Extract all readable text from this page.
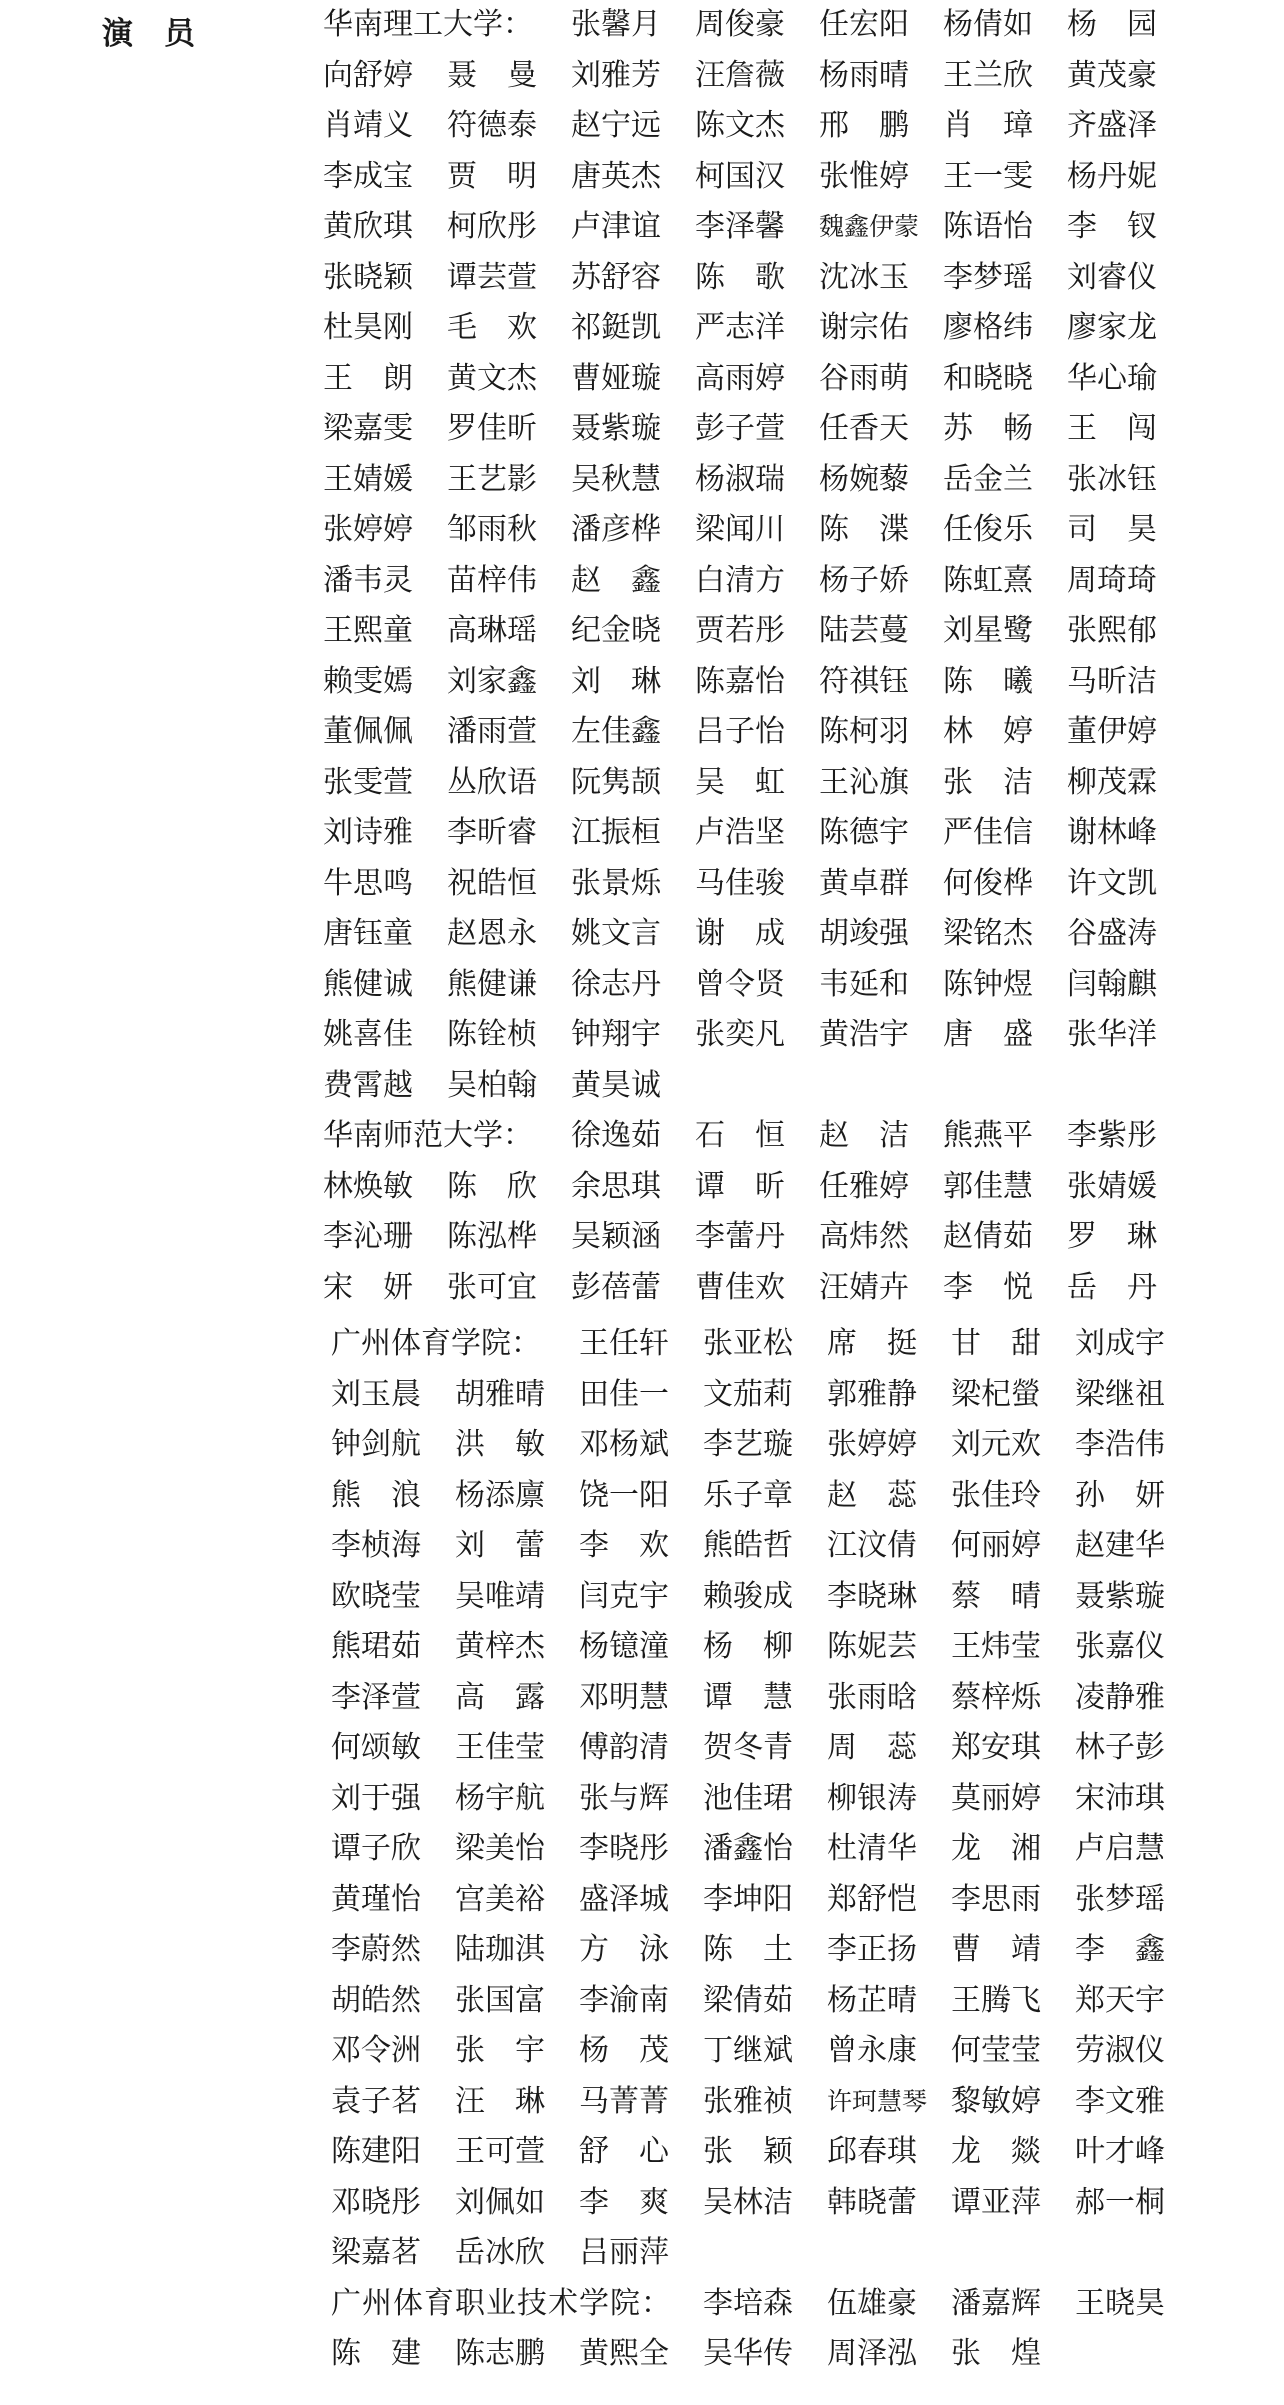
演　员	华南理工大学： 张馨月 周俊豪 任宏阳 杨倩如 杨　园
向舒婷 聂　曼 刘雅芳 汪詹薇 杨雨晴 王兰欣 黄茂豪
肖靖义 符德泰 赵宁远 陈文杰 邢　鹏 肖　璋 齐盛泽
李成宝 贾　明 唐英杰 柯国汉 张惟婷 王一雯 杨丹妮
黄欣琪 柯欣彤 卢津谊 李泽馨 魏鑫伊蒙 陈语怡 李　钗
张晓颖 谭芸萱 苏舒容 陈　歌 沈冰玉 李梦瑶 刘睿仪
杜昊刚 毛　欢 祁鋌凯 严志洋 谢宗佑 廖格纬 廖家龙
王　朗 黄文杰 曹娅璇 高雨婷 谷雨萌 和晓晓 华心瑜
梁嘉雯 罗佳昕 聂紫璇 彭子萱 任香天 苏　畅 王　闯
王婧媛 王艺影 吴秋慧 杨淑瑞 杨婉藜 岳金兰 张冰钰
张婷婷 邹雨秋 潘彦桦 梁闻川 陈　渫 任俊乐 司　昊
潘韦灵 苗梓伟 赵　鑫 白清方 杨子娇 陈虹熹 周琦琦
王熙童 高琳瑶 纪金晓 贾若彤 陆芸蔓 刘星鹭 张熙郁
赖雯嫣 刘家鑫 刘　琳 陈嘉怡 符祺钰 陈　曦 马昕洁
董佩佩 潘雨萱 左佳鑫 吕子怡 陈柯羽 林　婷 董伊婷
张雯萱 丛欣语 阮隽颉 吴　虹 王沁旗 张　洁 柳茂霖
刘诗雅 李昕睿 江振桓 卢浩坚 陈德宇 严佳信 谢林峰
牛思鸣 祝皓恒 张景烁 马佳骏 黄卓群 何俊桦 许文凯
唐钰童 赵恩永 姚文言 谢　成 胡竣强 梁铭杰 谷盛涛
熊健诚 熊健谦 徐志丹 曾令贤 韦延和 陈钟煜 闫翰麒
姚喜佳 陈铨桢 钟翔宇 张奕凡 黄浩宇 唐　盛 张华洋
费霄越 吴柏翰 黄昊诚
华南师范大学： 徐逸茹 石　恒 赵　洁 熊燕平 李紫彤
林焕敏 陈　欣 余思琪 谭　昕 任雅婷 郭佳慧 张婧媛
李沁珊 陈泓桦 吴颖涵 李蕾丹 高炜然 赵倩茹 罗　琳
宋　妍 张可宜 彭蓓蕾 曹佳欢 汪婧卉 李　悦 岳　丹
广州体育学院： 王任轩 张亚松 席　挺 甘　甜 刘成宇
刘玉晨 胡雅晴 田佳一 文茄莉 郭雅静 梁杞螢 梁继祖
钟剑航 洪　敏 邓杨斌 李艺璇 张婷婷 刘元欢 李浩伟
熊　浪 杨添廪 饶一阳 乐子章 赵　蕊 张佳玲 孙　妍
李桢海 刘　蕾 李　欢 熊皓哲 江汶倩 何丽婷 赵建华
欧晓莹 吴唯靖 闫克宇 赖骏成 李晓琳 蔡　晴 聂紫璇
熊珺茹 黄梓杰 杨镱潼 杨　柳 陈妮芸 王炜莹 张嘉仪
李泽萱 高　露 邓明慧 谭　慧 张雨晗 蔡梓烁 凌静雅
何颂敏 王佳莹 傅韵清 贺冬青 周　蕊 郑安琪 林子彭
刘于强 杨宇航 张与辉 池佳珺 柳银涛 莫丽婷 宋沛琪
谭子欣 梁美怡 李晓彤 潘鑫怡 杜清华 龙　湘 卢启慧
黄瑾怡 宫美裕 盛泽城 李坤阳 郑舒恺 李思雨 张梦瑶
李蔚然 陆珈淇 方　泳 陈　土 李正扬 曹　靖 李　鑫
胡皓然 张国富 李渝南 梁倩茹 杨芷晴 王腾飞 郑天宇
邓令洲 张　宇 杨　茂 丁继斌 曾永康 何莹莹 劳淑仪
袁子茗 汪　琳 马菁菁 张雅祯 许珂慧琴 黎敏婷 李文雅
陈建阳 王可萱 舒　心 张　颖 邱春琪 龙　燚 叶才峰
邓晓彤 刘佩如 李　爽 吴林洁 韩晓蕾 谭亚萍 郝一桐
梁嘉茗 岳冰欣 吕丽萍
广州体育职业技术学院： 李培森 伍雄豪 潘嘉辉 王晓昊
陈　建 陈志鹏 黄熙全 吴华传 周泽泓 张　煌
